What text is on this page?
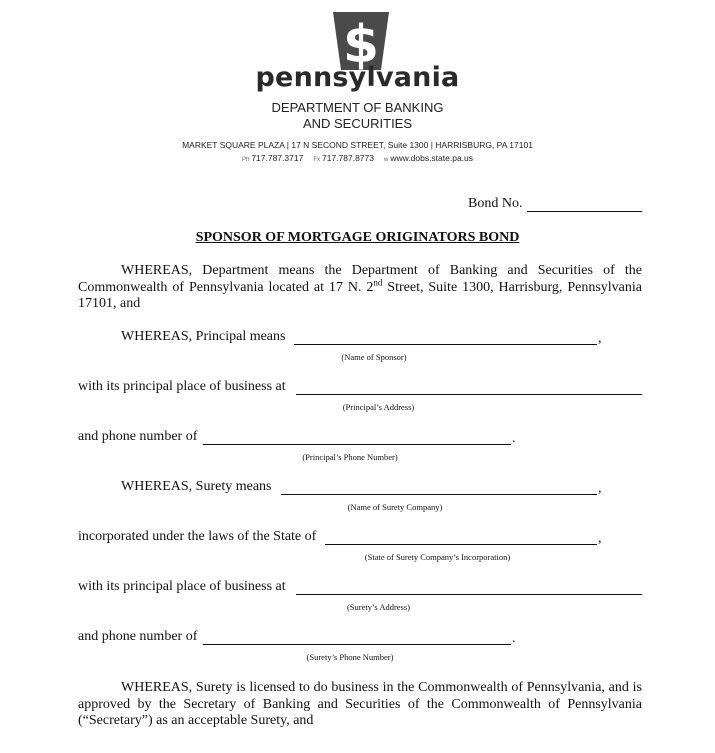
$
pennsylvania
DEPARTMENT OF BANKING
AND SECURITIES
MARKET SQUARE PLAZA | 17 N SECOND STREET, Suite 1300 | HARRISBURG, PA 17101
Ph 717.787.3717 Fx 717.787.8773 w www.dobs.state.pa.us
Bond No.
SPONSOR OF MORTGAGE ORIGINATORS BOND
WHEREAS, Department means the Department of Banking and Securities of the Commonwealth of Pennsylvania located at 17 N. 2nd Street, Suite 1300, Harrisburg, Pennsylvania 17101, and
WHEREAS, Principal means	,
(Name of Sponsor)
with its principal place of business at
(Principal’s Address)
and phone number of	.
(Principal’s Phone Number)
WHEREAS, Surety means	,
(Name of Surety Company)
incorporated under the laws of the State of	,
(State of Surety Company’s Incorporation)
with its principal place of business at
(Surety’s Address)
and phone number of	.
(Surety’s Phone Number)
WHEREAS, Surety is licensed to do business in the Commonwealth of Pennsylvania, and is approved by the Secretary of Banking and Securities of the Commonwealth of Pennsylvania (“Secretary”) as an acceptable Surety, and
